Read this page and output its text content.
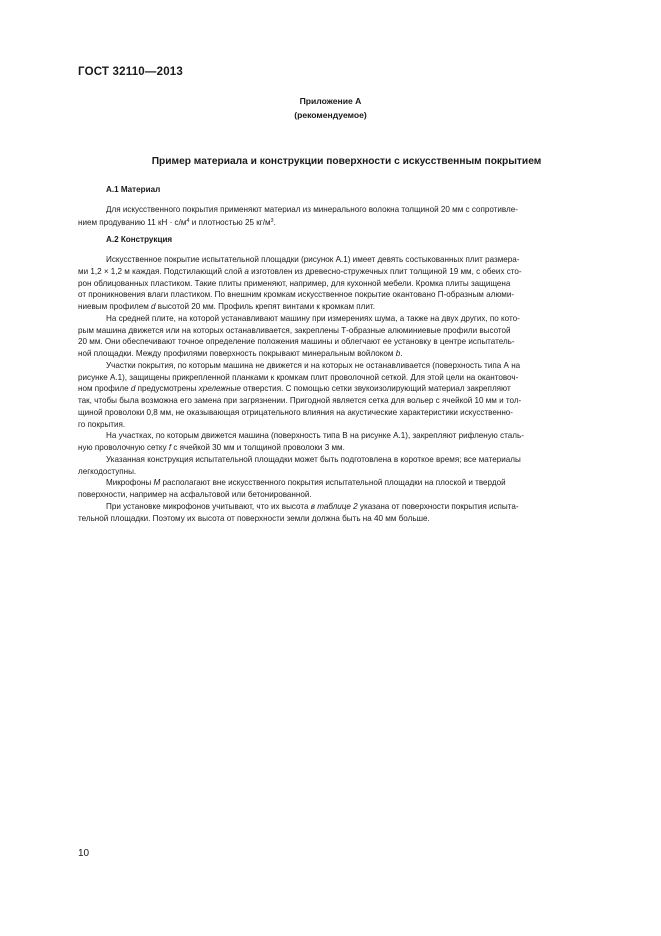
ГОСТ 32110—2013
Приложение А
(рекомендуемое)
Пример материала и конструкции поверхности с искусственным покрытием
А.1 Материал
Для искусственного покрытия применяют материал из минерального волокна толщиной 20 мм с сопротивле-
нием продуванию 11 кН · $с/м^4$ и плотностью 25 $кг/м^3$.
А.2 Конструкция
Искусственное покрытие испытательной площадки (рисунок А.1) имеет девять состыкованных плит размера-
ми 1,2 × 1,2 м каждая. Подстилающий слой a изготовлен из древесно-стружечных плит толщиной 19 мм, с обеих сто-
рон облицованных пластиком. Такие плиты применяют, например, для кухонной мебели. Кромка плиты защищена
от проникновения влаги пластиком. По внешним кромкам искусственное покрытие окантовано П-образным алюми-
ниевым профилем d высотой 20 мм. Профиль крепят винтами к кромкам плит.
На средней плите, на которой устанавливают машину при измерениях шума, а также на двух других, по кото-
рым машина движется или на которых останавливается, закреплены Т-образные алюминиевые профили высотой
20 мм. Они обеспечивают точное определение положения машины и облегчают ее установку в центре испытатель-
ной площадки. Между профилями поверхность покрывают минеральным войлоком b.
Участки покрытия, по которым машина не движется и на которых не останавливается (поверхность типа А на
рисунке А.1), защищены прикрепленной планками к кромкам плит проволочной сеткой. Для этой цели на окантовоч-
ном профиле d предусмотрены хрележные отверстия. С помощью сетки звукоизолирующий материал закрепляют
так, чтобы была возможна его замена при загрязнении. Пригодной является сетка для вольер с ячейкой 10 мм и тол-
щиной проволоки 0,8 мм, не оказывающая отрицательного влияния на акустические характеристики искусственно-
го покрытия.
На участках, по которым движется машина (поверхность типа В на рисунке А.1), закрепляют рифленую сталь-
ную проволочную сетку f с ячейкой 30 мм и толщиной проволоки 3 мм.
Указанная конструкция испытательной площадки может быть подготовлена в короткое время; все материалы
легкодоступны.
Микрофоны M располагают вне искусственного покрытия испытательной площадки на плоской и твердой
поверхности, например на асфальтовой или бетонированной.
При установке микрофонов учитывают, что их высота в таблице 2 указана от поверхности покрытия испыта-
тельной площадки. Поэтому их высота от поверхности земли должна быть на 40 мм больше.
10
